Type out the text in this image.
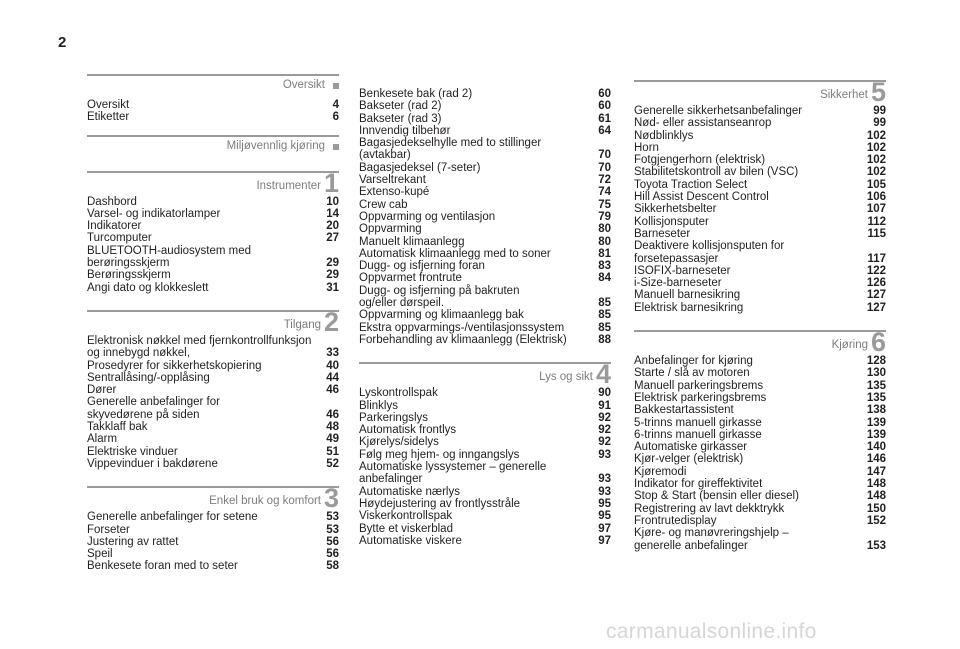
2
Oversikt
Oversikt	4
Etiketter	6
Miljøvennlig kjøring
Instrumenter 1
Dashbord	10
Varsel- og indikatorlamper	14
Indikatorer	20
Turcomputer	27
BLUETOOTH-audiosystem med
berøringsskjerm	29
Berøringsskjerm	29
Angi dato og klokkeslett	31
Tilgang 2
Elektronisk nøkkel med fjernkontrollfunksjon
og innebygd nøkkel,	33
Prosedyrer for sikkerhetskopiering	40
Sentrallåsing/-opplåsing	44
Dører	46
Generelle anbefalinger for
skyvedørene på siden	46
Takklaff bak	48
Alarm	49
Elektriske vinduer	51
Vippevinduer i bakdørene	52
Enkel bruk og komfort 3
Generelle anbefalinger for setene	53
Forseter	53
Justering av rattet	56
Speil	56
Benkesete foran med to seter	58
Benkesete bak (rad 2)	60
Bakseter (rad 2)	60
Bakseter (rad 3)	61
Innvendig tilbehør	64
Bagasjedekselhylle med to stillinger
(avtakbar)	70
Bagasjedeksel (7-seter)	70
Varseltrekant	72
Extenso-kupé	74
Crew cab	75
Oppvarming og ventilasjon	79
Oppvarming	80
Manuelt klimaanlegg	80
Automatisk klimaanlegg med to soner	81
Dugg- og isfjerning foran	83
Oppvarmet frontrute	84
Dugg- og isfjerning på bakruten
og/eller dørspeil.	85
Oppvarming og klimaanlegg bak	85
Ekstra oppvarmings-/ventilasjonssystem	85
Forbehandling av klimaanlegg (Elektrisk)	88
Lys og sikt 4
Lyskontrollspak	90
Blinklys	91
Parkeringslys	92
Automatisk frontlys	92
Kjørelys/sidelys	92
Følg meg hjem- og inngangslys	93
Automatiske lyssystemer – generelle
anbefalinger	93
Automatiske nærlys	93
Høydejustering av frontlysstråle	95
Viskerkontrollspak	95
Bytte et viskerblad	97
Automatiske viskere	97
Sikkerhet 5
Generelle sikkerhetsanbefalinger	99
Nød- eller assistanseanrop	99
Nødblinklys	102
Horn	102
Fotgjengerhorn (elektrisk)	102
Stabilitetskontroll av bilen (VSC)	102
Toyota Traction Select	105
Hill Assist Descent Control	106
Sikkerhetsbelter	107
Kollisjonsputer	112
Barneseter	115
Deaktivere kollisjonsputen for
forsetepassasjer	117
ISOFIX-barneseter	122
i-Size-barneseter	126
Manuell barnesikring	127
Elektrisk barnesikring	127
Kjøring 6
Anbefalinger for kjøring	128
Starte / slå av motoren	130
Manuell parkeringsbrems	135
Elektrisk parkeringsbrems	135
Bakkestartassistent	138
5-trinns manuell girkasse	139
6-trinns manuell girkasse	139
Automatiske girkasser	140
Kjør-velger (elektrisk)	146
Kjøremodi	147
Indikator for gireffektivitet	148
Stop & Start (bensin eller diesel)	148
Registrering av lavt dekktrykk	150
Frontrutedisplay	152
Kjøre- og manøvreringshjelp –
generelle anbefalinger	153
carmanualsonline.info
